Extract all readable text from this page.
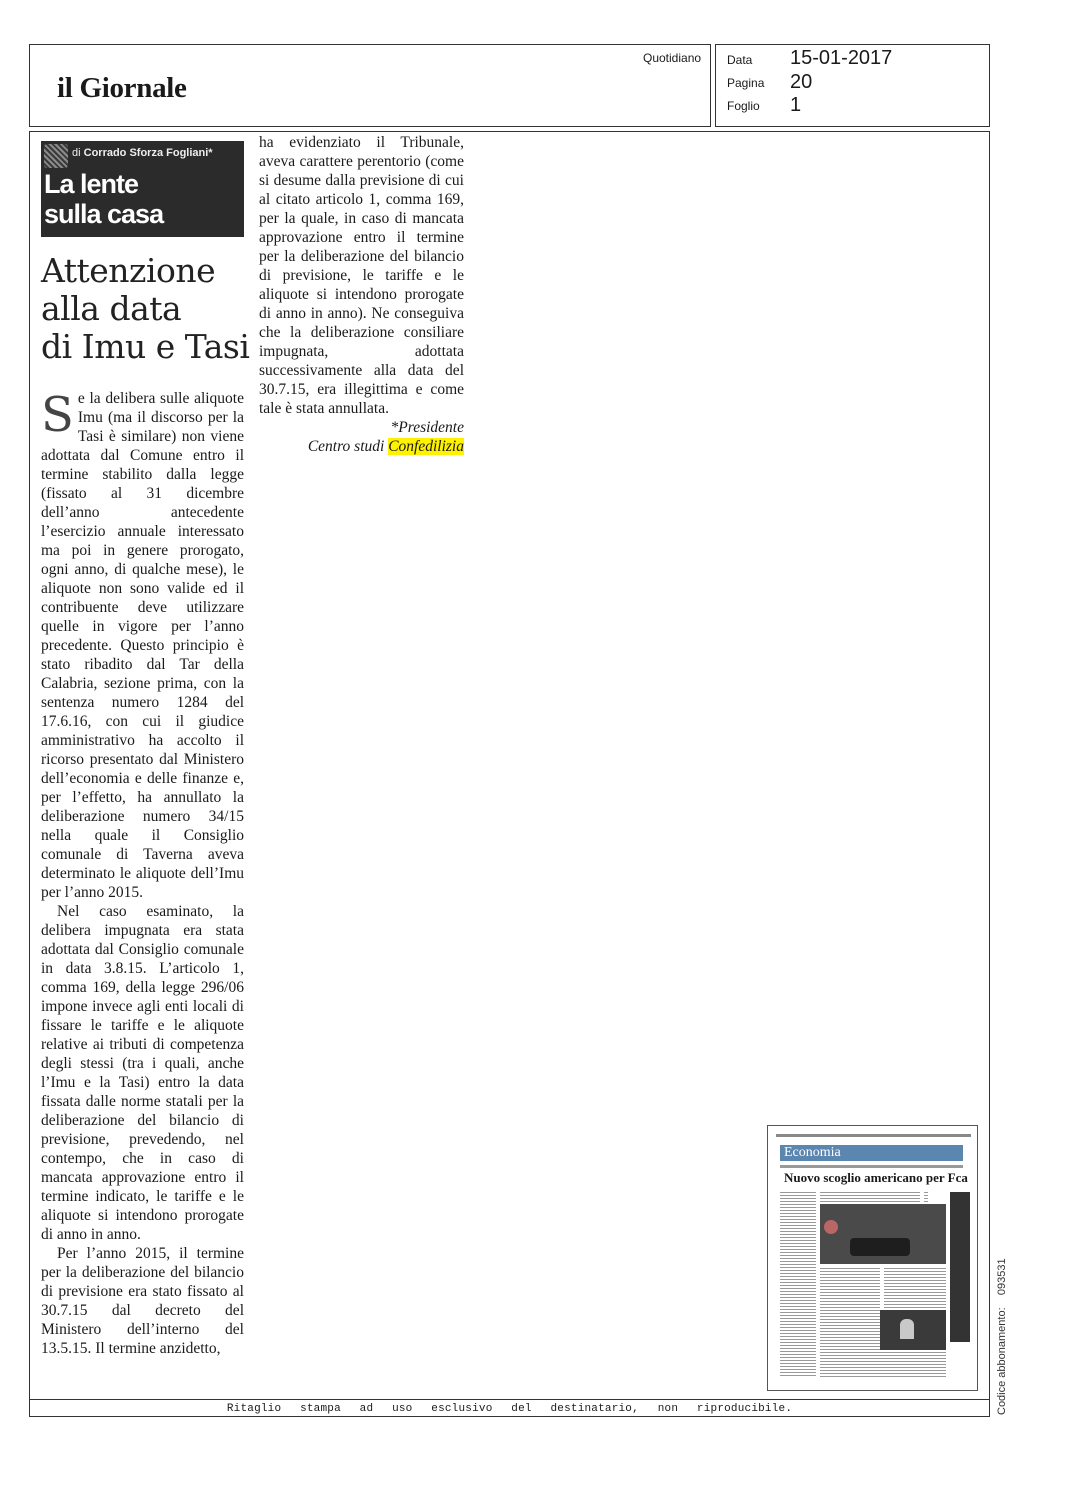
il Giornale
Quotidiano Data 15-01-2017
Pagina 20
Foglio 1
di Corrado Sforza Fogliani*
La lente
sulla casa
Attenzione
alla data
di Imu e Tasi

Se la delibera sulle aliquote Imu (ma il discorso per la Tasi è similare) non viene adottata dal Comune entro il termine stabilito dalla legge (fissato al 31 dicembre dell’anno antecedente l’esercizio annuale interessato ma poi in genere prorogato, ogni anno, di qualche mese), le aliquote non sono valide ed il contribuente deve utilizzare quelle in vigore per l’anno precedente. Questo principio è stato ribadito dal Tar della Calabria, sezione prima, con la sentenza numero 1284 del 17.6.16, con cui il giudice amministrativo ha accolto il ricorso presentato dal Ministero dell’economia e delle finanze e, per l’effetto, ha annullato la deliberazione numero 34/15 nella quale il Consiglio comunale di Taverna aveva determinato le aliquote dell’Imu per l’anno 2015.

Nel caso esaminato, la delibera impugnata era stata adottata dal Consiglio comunale in data 3.8.15. L’articolo 1, comma 169, della legge 296/06 impone invece agli enti locali di fissare le tariffe e le aliquote relative ai tributi di competenza degli stessi (tra i quali, anche l’Imu e la Tasi) entro la data fissata dalle norme statali per la deliberazione del bilancio di previsione, prevedendo, nel contempo, che in caso di mancata approvazione entro il termine indicato, le tariffe e le aliquote si intendono prorogate di anno in anno.

Per l’anno 2015, il termine per la deliberazione del bilancio di previsione era stato fissato al 30.7.15 dal decreto del Ministero dell’interno del 13.5.15. Il termine anzidetto,

ha evidenziato il Tribunale, aveva carattere perentorio (come si desume dalla previsione di cui al citato articolo 1, comma 169, per la quale, in caso di mancata approvazione entro il termine per la deliberazione del bilancio di previsione, le tariffe e le aliquote si intendono prorogate di anno in anno). Ne conseguiva che la deliberazione consiliare impugnata, adottata successivamente alla data del 30.7.15, era illegittima e come tale è stata annullata.

*Presidente

Centro studi Confedilizia

Economia
Nuovo scoglio americano per Fca
Codice abbonamento:    093531
Ritaglio stampa ad uso esclusivo del destinatario, non riproducibile.
